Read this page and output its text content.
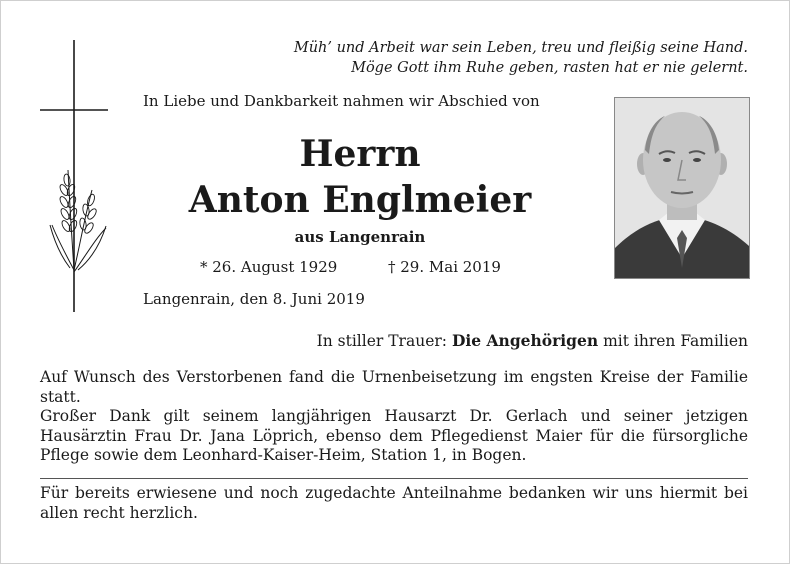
Müh’ und Arbeit war sein Leben, treu und fleißig seine Hand.
Möge Gott ihm Ruhe geben, rasten hat er nie gelernt.
In Liebe und Dankbarkeit nahmen wir Abschied von
Herrn
Anton Englmeier
aus Langenrain
* 26. August 1929	† 29. Mai 2019
Langenrain, den 8. Juni 2019
In stiller Trauer: Die Angehörigen mit ihren Familien
Auf Wunsch des Verstorbenen fand die Urnenbeisetzung im engsten Kreise der Familie statt.
Großer Dank gilt seinem langjährigen Hausarzt Dr. Gerlach und seiner jetzigen Hausärztin Frau Dr. Jana Löprich, ebenso dem Pflegedienst Maier für die fürsorgliche Pflege sowie dem Leonhard-Kaiser-Heim, Station 1, in Bogen.
Für bereits erwiesene und noch zugedachte Anteilnahme bedanken wir uns hiermit bei allen recht herzlich.
